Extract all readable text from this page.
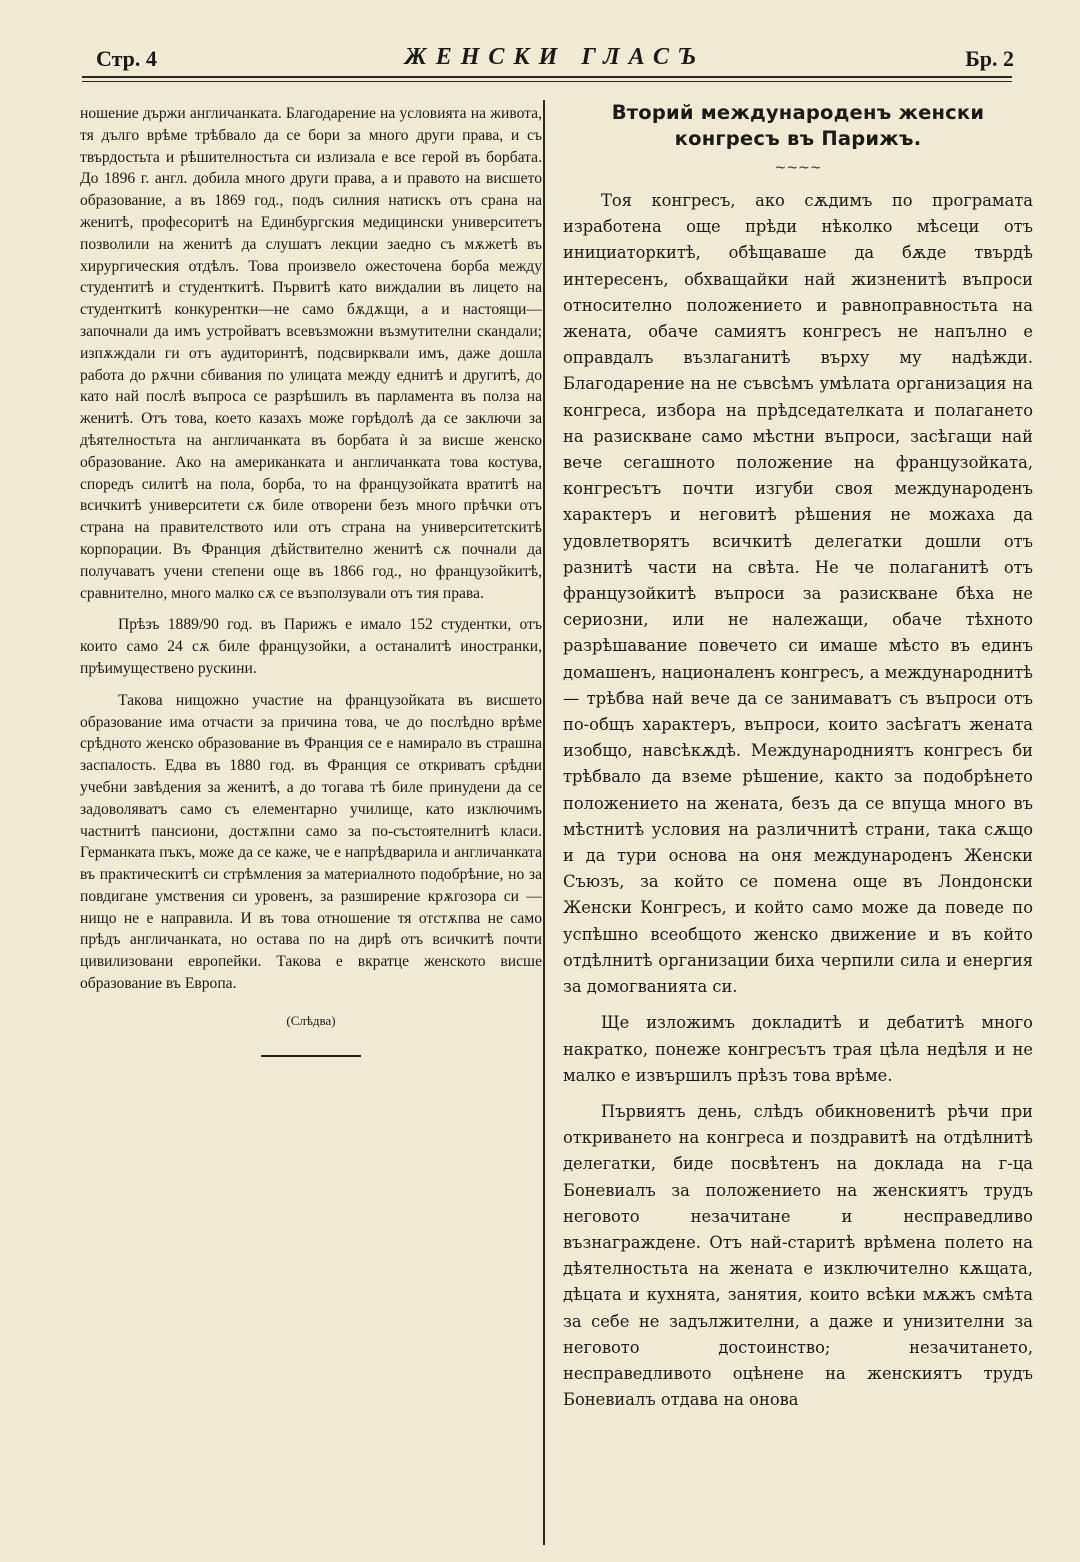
Стр. 4	ЖЕНСКИ ГЛАСЪ	Бр. 2

ношение държи англичанката. Благодарение на условията на живота, тя дълго врѣме трѣбвало да се бори за много други права, и съ твърдостьта и рѣшителностьта си излизала е все герой въ борбата. До 1896 г. англ. добила много други права, а и правото на висшето образование, а въ 1869 год., подъ силния натискъ отъ срана на женитѣ, професоритѣ на Единбургския медицински университетъ позволили на женитѣ да слушатъ лекции заедно съ мѫжетѣ въ хирургическия отдѣлъ. Това произвело ожесточена борба между студентитѣ и студенткитѣ. Първитѣ като виждалии въ лицето на студенткитѣ конкурентки—не само бѫдѫщи, а и настоящи—започнали да имъ устройватъ всевъзможни възмутителни скандали; изпѫждали ги отъ аудиторинтѣ, подсвирквали имъ, даже дошла работа до рѫчни сбивания по улицата между еднитѣ и другитѣ, до като най послѣ въпроса се разрѣшилъ въ парламента въ полза на женитѣ. Отъ това, което казахъ може горѣдолѣ да се заключи за дѣятелностьта на англичанката въ борбата ѝ за висше женско образование. Ако на американката и англичанката това костува, споредъ силитѣ на пола, борба, то на французойката вратитѣ на всичкитѣ университети сѫ биле отворени безъ много прѣчки отъ страна на правителството или отъ страна на университетскитѣ корпорации. Въ Франция дѣйствително женитѣ сѫ почнали да получаватъ учени степени още въ 1866 год., но французойкитѣ, сравнително, много малко сѫ се възползували отъ тия права.

Прѣзъ 1889/90 год. въ Парижъ е имало 152 студентки, отъ които само 24 сѫ биле французойки, а останалитѣ иностранки, прѣимуществено рускини.

Такова нищожно участие на французойката въ висшето образование има отчасти за причина това, че до послѣдно врѣме срѣдното женско образование въ Франция се е намирало въ страшна заспалость. Едва въ 1880 год. въ Франция се откриватъ срѣдни учебни завѣдения за женитѣ, а до тогава тѣ биле принудени да се задоволяватъ само съ елементарно училище, като изключимъ частнитѣ пансиони, достѫпни само за по-състоятелнитѣ класи. Германката пъкъ, може да се каже, че е напрѣдварила и англичанката въ практическитѣ си стрѣмления за материалното подобрѣние, но за повдигане умствения си уровенъ, за разширение крѫгозора си — нищо не е направила. И въ това отношение тя отстѫпва не само прѣдъ англичанката, но остава по на дирѣ отъ всичкитѣ почти цивилизовани европейки. Такова е вкратце женското висше образование въ Европа.

(Слѣдва)
Вторий международенъ женски конгресъ въ Парижъ.
~~~~

Тоя конгресъ, ако сѫдимъ по програмата изработена още прѣди нѣколко мѣсеци отъ инициаторкитѣ, обѣщаваше да бѫде твърдѣ интересенъ, обхващайки най жизненитѣ въпроси относително положението и равноправностьта на жената, обаче самиятъ конгресъ не напълно е оправдалъ възлаганитѣ върху му надѣжди. Благодарение на не съвсѣмъ умѣлата организация на конгреса, избора на прѣдседателката и полагането на разискване само мѣстни въпроси, засѣгащи най вече сегашното положение на французойката, конгресътъ почти изгуби своя международенъ характеръ и неговитѣ рѣшения не можаха да удовлетворятъ всичкитѣ делегатки дошли отъ разнитѣ части на свѣта. Не че полаганитѣ отъ французойкитѣ въпроси за разискване бѣха не сериозни, или не належащи, обаче тѣхното разрѣшавание повечето си имаше мѣсто въ единъ домашенъ, националенъ конгресъ, а международнитѣ — трѣбва най вече да се занимаватъ съ въпроси отъ по-общъ характеръ, въпроси, които засѣгатъ жената изобщо, навсѣкѫдѣ. Международниятъ конгресъ би трѣбвало да вземе рѣшение, както за подобрѣнето положението на жената, безъ да се впуща много въ мѣстнитѣ условия на различнитѣ страни, така сѫщо и да тури основа на оня международенъ Женски Съюзъ, за който се помена още въ Лондонски Женски Конгресъ, и който само може да поведе по успѣшно всеобщото женско движение и въ който отдѣлнитѣ организации биха черпили сила и енергия за домогванията си.

Ще изложимъ докладитѣ и дебатитѣ много накратко, понеже конгресътъ трая цѣла недѣля и не малко е извършилъ прѣзъ това врѣме.

Първиятъ день, слѣдъ обикновенитѣ рѣчи при откриването на конгреса и поздравитѣ на отдѣлнитѣ делегатки, биде посвѣтенъ на доклада на г-ца Боневиалъ за положението на женскиятъ трудъ неговото незачитане и несправедливо възнаграждене. Отъ най-старитѣ врѣмена полето на дѣятелностьта на жената е изключително кѫщата, дѣцата и кухнята, занятия, които всѣки мѫжъ смѣта за себе не задължителни, а даже и унизителни за неговото достоинство; незачитането, несправедливото оцѣнене на женскиятъ трудъ Боневиалъ отдава на онова
